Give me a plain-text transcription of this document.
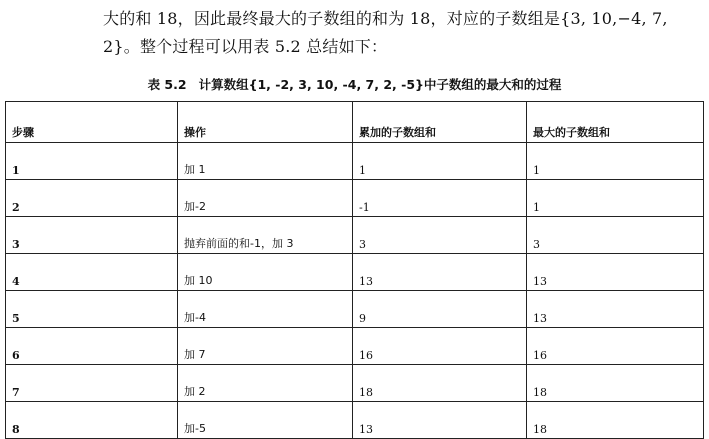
大的和 18，因此最终最大的子数组的和为 18，对应的子数组是{3, 10,−4, 7,
2}。整个过程可以用表 5.2 总结如下：

表 5.2 计算数组{1, -2, 3, 10, -4, 7, 2, -5}中子数组的最大和的过程

步骤	操作	累加的子数组和	最大的子数组和
1	加 1	1	1
2	加-2	-1	1
3	抛弃前面的和-1，加 3	3	3
4	加 10	13	13
5	加-4	9	13
6	加 7	16	16
7	加 2	18	18
8	加-5	13	18
